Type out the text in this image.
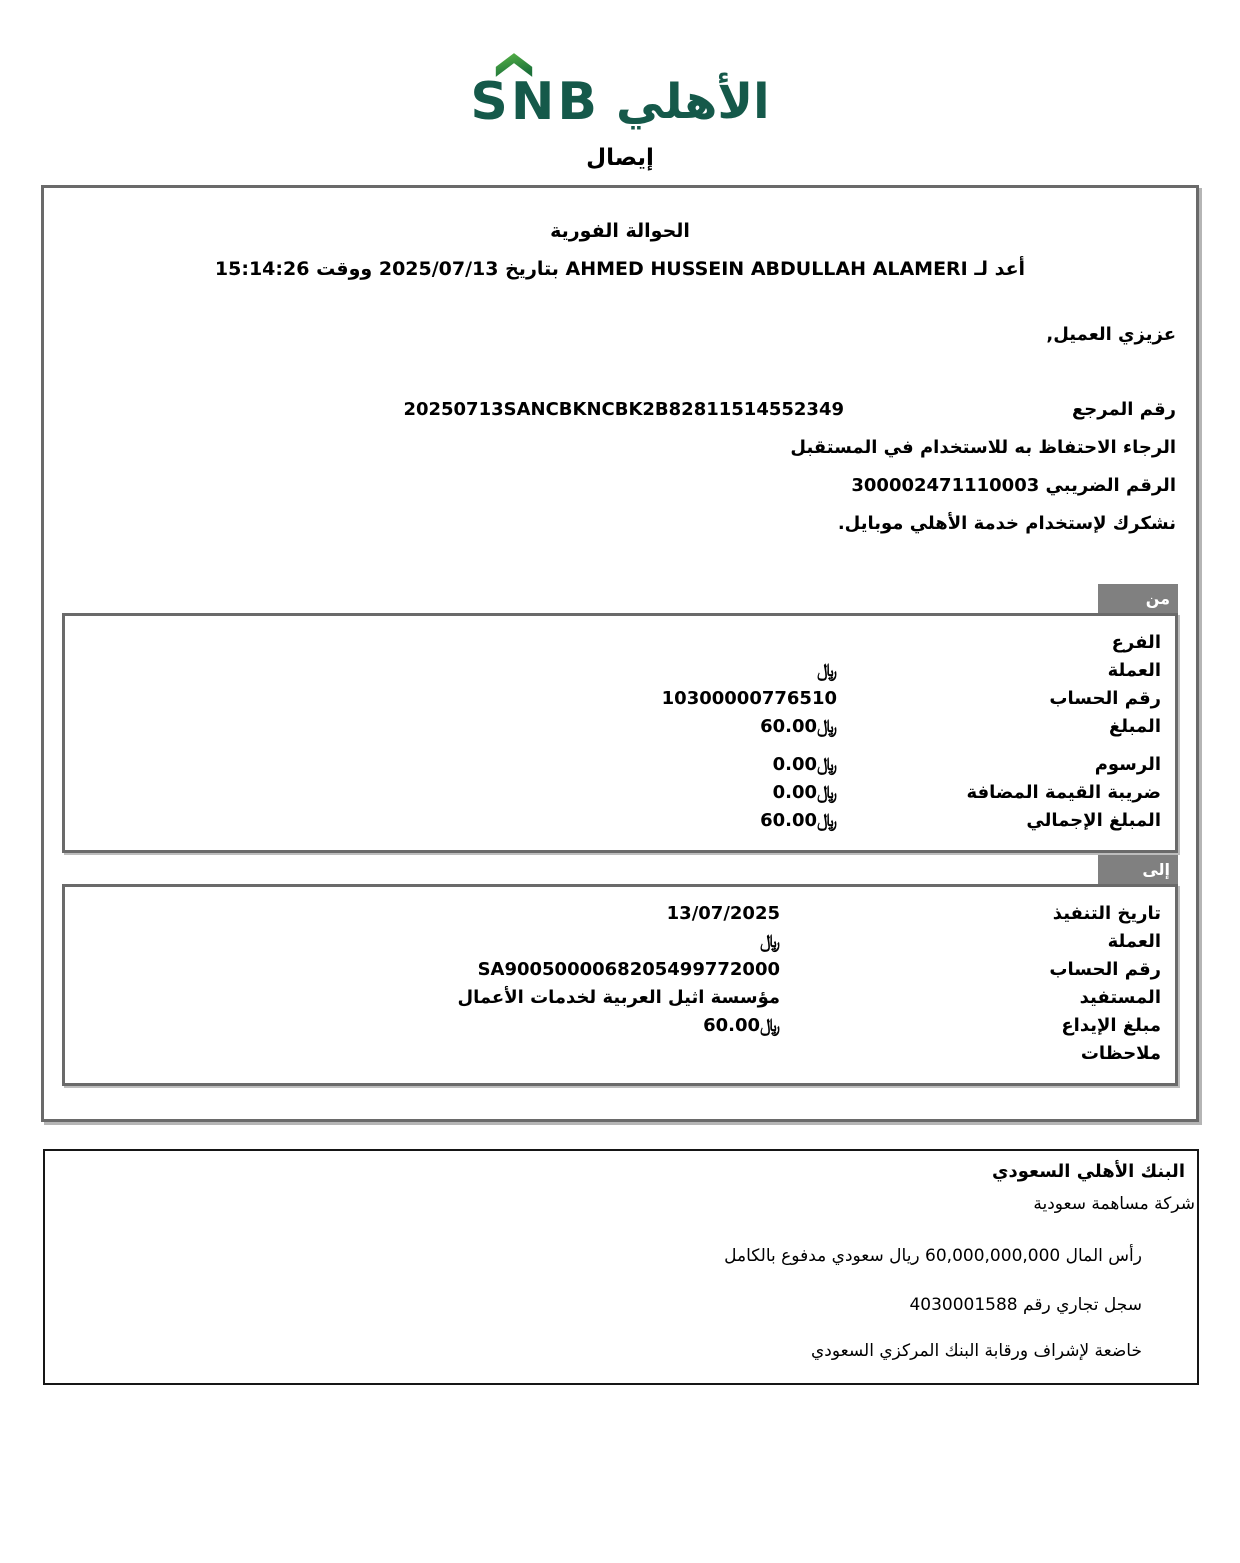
SNB الأهلي
إيصال
الحوالة الفورية
أعد لـ AHMED HUSSEIN ABDULLAH ALAMERI بتاريخ 2025/07/13 ووقت 15:14:26
عزيزي العميل,
رقم المرجع
20250713SANCBKNCBK2B82811514552349
الرجاء الاحتفاظ به للاستخدام في المستقبل
الرقم الضريبي 300002471110003
نشكرك لإستخدام خدمة الأهلي موبايل.
من
الفرع
العملة
﷼
رقم الحساب
10300000776510
المبلغ
﷼60.00
الرسوم
﷼0.00
ضريبة القيمة المضافة
﷼0.00
المبلغ الإجمالي
﷼60.00
إلى
تاريخ التنفيذ
13/07/2025
العملة
﷼
رقم الحساب
SA9005000068205499772000
المستفيد
مؤسسة اثيل العربية لخدمات الأعمال
مبلغ الإيداع
﷼60.00
ملاحظات
البنك الأهلي السعودي
شركة مساهمة سعودية
رأس المال 60,000,000,000 ريال سعودي مدفوع بالكامل
سجل تجاري رقم 4030001588
خاضعة لإشراف ورقابة البنك المركزي السعودي
